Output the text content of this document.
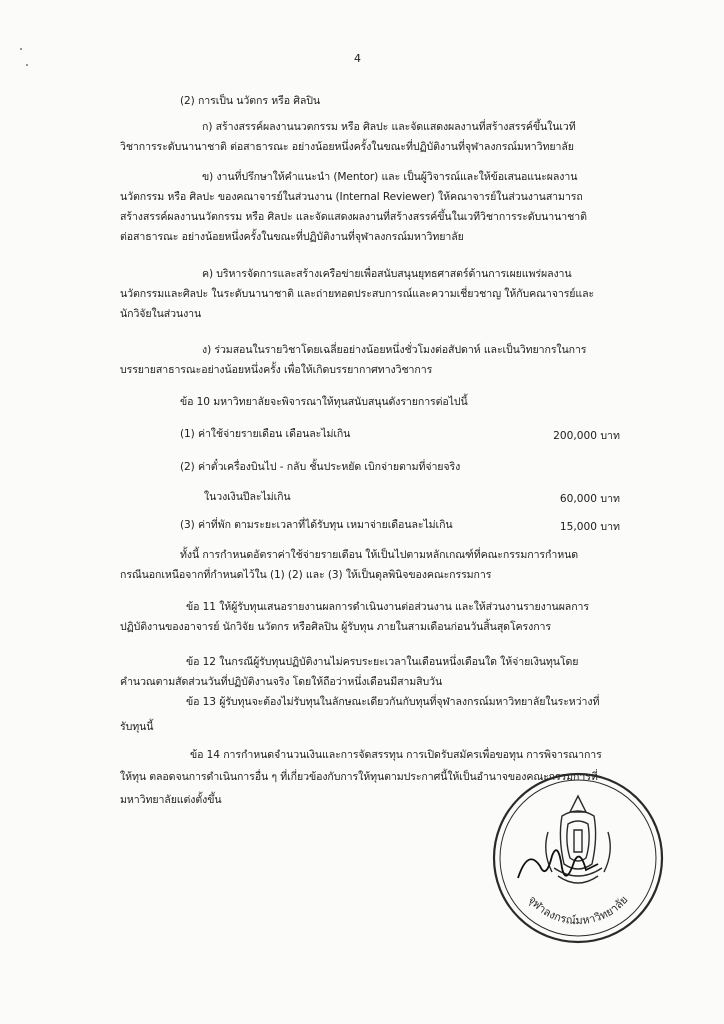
4
(2) การเป็น นวัตกร หรือ ศิลปิน
ก) สร้างสรรค์ผลงานนวตกรรม หรือ ศิลปะ และจัดแสดงผลงานที่สร้างสรรค์ขึ้นในเวที
วิชาการระดับนานาชาติ ต่อสาธารณะ อย่างน้อยหนึ่งครั้งในขณะที่ปฏิบัติงานที่จุฬาลงกรณ์มหาวิทยาลัย
ข) งานที่ปรึกษาให้คำแนะนำ (Mentor) และ เป็นผู้วิจารณ์และให้ข้อเสนอแนะผลงาน
นวัตกรรม หรือ ศิลปะ ของคณาจารย์ในส่วนงาน (Internal Reviewer) ให้คณาจารย์ในส่วนงานสามารถ
สร้างสรรค์ผลงานนวัตกรรม หรือ ศิลปะ และจัดแสดงผลงานที่สร้างสรรค์ขึ้นในเวทีวิชาการระดับนานาชาติ
ต่อสาธารณะ อย่างน้อยหนึ่งครั้งในขณะที่ปฏิบัติงานที่จุฬาลงกรณ์มหาวิทยาลัย
ค) บริหารจัดการและสร้างเครือข่ายเพื่อสนับสนุนยุทธศาสตร์ด้านการเผยแพร่ผลงาน
นวัตกรรมและศิลปะ ในระดับนานาชาติ และถ่ายทอดประสบการณ์และความเชี่ยวชาญ ให้กับคณาจารย์และ
นักวิจัยในส่วนงาน
ง) ร่วมสอนในรายวิชาโดยเฉลี่ยอย่างน้อยหนึ่งชั่วโมงต่อสัปดาห์ และเป็นวิทยากรในการ
บรรยายสาธารณะอย่างน้อยหนึ่งครั้ง เพื่อให้เกิดบรรยากาศทางวิชาการ
ข้อ 10 มหาวิทยาลัยจะพิจารณาให้ทุนสนับสนุนดังรายการต่อไปนี้
(1) ค่าใช้จ่ายรายเดือน เดือนละไม่เกิน	200,000 บาท
(2) ค่าตั๋วเครื่องบินไป - กลับ ชั้นประหยัด เบิกจ่ายตามที่จ่ายจริง
ในวงเงินปีละไม่เกิน	60,000 บาท
(3) ค่าที่พัก ตามระยะเวลาที่ได้รับทุน เหมาจ่ายเดือนละไม่เกิน	15,000 บาท
ทั้งนี้ การกำหนดอัตราค่าใช้จ่ายรายเดือน ให้เป็นไปตามหลักเกณฑ์ที่คณะกรรมการกำหนด
กรณีนอกเหนือจากที่กำหนดไว้ใน (1) (2) และ (3) ให้เป็นดุลพินิจของคณะกรรมการ
ข้อ 11 ให้ผู้รับทุนเสนอรายงานผลการดำเนินงานต่อส่วนงาน และให้ส่วนงานรายงานผลการ
ปฏิบัติงานของอาจารย์ นักวิจัย นวัตกร หรือศิลปิน ผู้รับทุน ภายในสามเดือนก่อนวันสิ้นสุดโครงการ
ข้อ 12 ในกรณีผู้รับทุนปฏิบัติงานไม่ครบระยะเวลาในเดือนหนึ่งเดือนใด ให้จ่ายเงินทุนโดย
คำนวณตามสัดส่วนวันที่ปฏิบัติงานจริง โดยให้ถือว่าหนึ่งเดือนมีสามสิบวัน
ข้อ 13 ผู้รับทุนจะต้องไม่รับทุนในลักษณะเดียวกันกับทุนที่จุฬาลงกรณ์มหาวิทยาลัยในระหว่างที่
รับทุนนี้
ข้อ 14 การกำหนดจำนวนเงินและการจัดสรรทุน การเปิดรับสมัครเพื่อขอทุน การพิจารณาการ
ให้ทุน ตลอดจนการดำเนินการอื่น ๆ ที่เกี่ยวข้องกับการให้ทุนตามประกาศนี้ให้เป็นอำนาจของคณะกรรมการที่
มหาวิทยาลัยแต่งตั้งขึ้น
จุฬาลงกรณ์มหาวิทยาลัย
